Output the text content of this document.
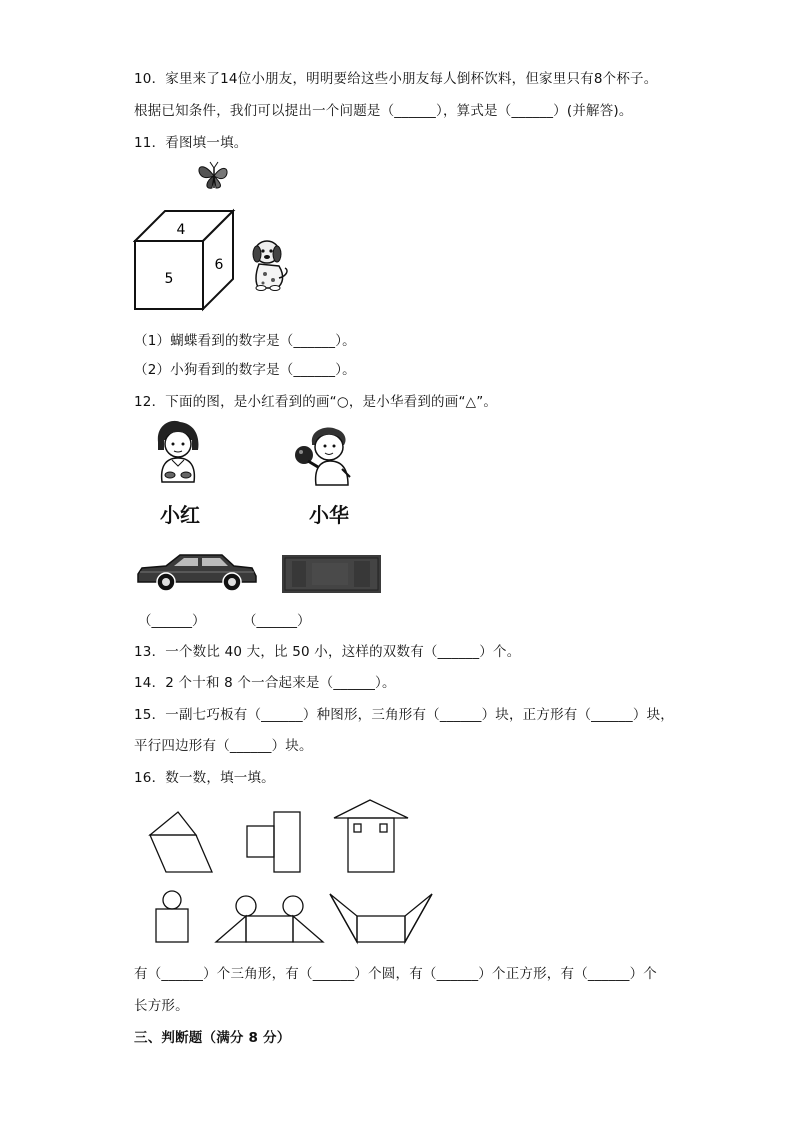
10．家里来了14位小朋友，明明要给这些小朋友每人倒杯饮料，但家里只有8个杯子。
根据已知条件，我们可以提出一个问题是（______），算式是（______）(并解答)。
11．看图填一填。
4
5
6
（1）蝴蝶看到的数字是（______）。
（2）小狗看到的数字是（______）。
12．下面的图，是小红看到的画“○，是小华看到的画“△”。
小红	小华
（______）	（______）
13．一个数比 40 大，比 50 小，这样的双数有（______）个。
14．2 个十和 8 个一合起来是（______）。
15．一副七巧板有（______）种图形，三角形有（______）块，正方形有（______）块，
平行四边形有（______）块。
16．数一数，填一填。
有（______）个三角形，有（______）个圆，有（______）个正方形，有（______）个
长方形。
三、判断题（满分 8 分）
